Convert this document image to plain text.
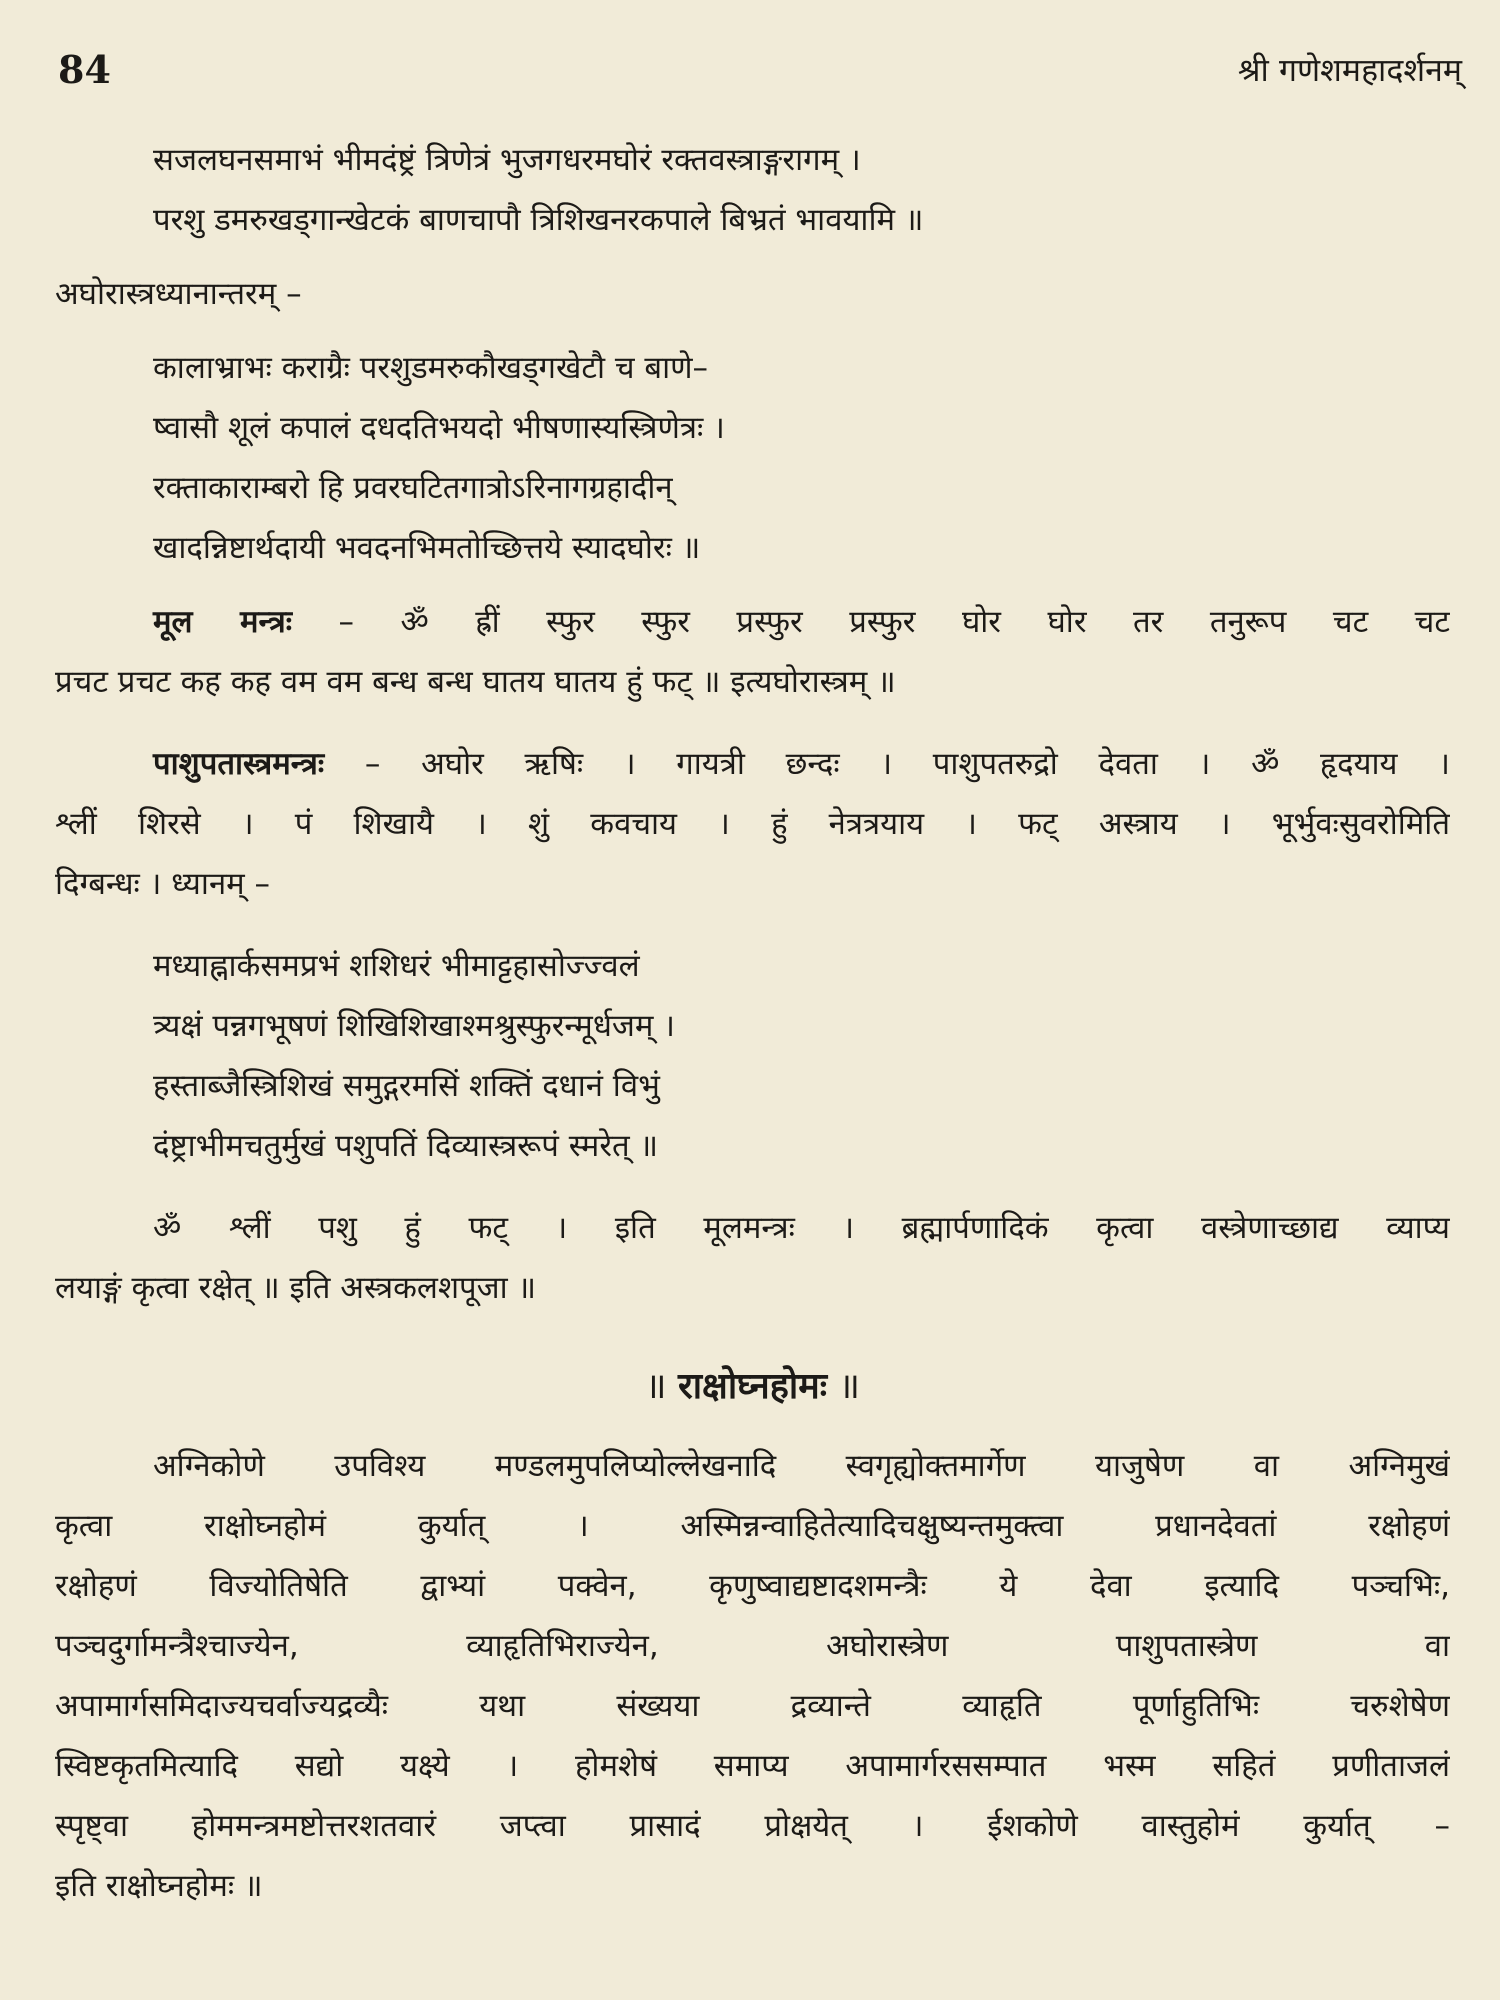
84	श्री गणेशमहादर्शनम्
सजलघनसमाभं भीमदंष्ट्रं त्रिणेत्रं भुजगधरमघोरं रक्तवस्त्राङ्गरागम् ।
परशु डमरुखड्गान्खेटकं बाणचापौ त्रिशिखनरकपाले बिभ्रतं भावयामि ॥
अघोरास्त्रध्यानान्तरम् –
कालाभ्राभः कराग्रैः परशुडमरुकौखड्गखेटौ च बाणे–
ष्वासौ शूलं कपालं दधदतिभयदो भीषणास्यस्त्रिणेत्रः ।
रक्ताकाराम्बरो हि प्रवरघटितगात्रोऽरिनागग्रहादीन्
खादन्निष्टार्थदायी भवदनभिमतोच्छित्तये स्यादघोरः ॥
मूल मन्त्रः – ॐ ह्रीं स्फुर स्फुर प्रस्फुर प्रस्फुर घोर घोर तर तनुरूप चट चट
प्रचट प्रचट कह कह वम वम बन्ध बन्ध घातय घातय हुं फट् ॥ इत्यघोरास्त्रम् ॥
पाशुपतास्त्रमन्त्रः – अघोर ऋषिः । गायत्री छन्दः । पाशुपतरुद्रो देवता । ॐ हृदयाय ।
श्लीं शिरसे । पं शिखायै । शुं कवचाय । हुं नेत्रत्रयाय । फट् अस्त्राय । भूर्भुवःसुवरोमिति
दिग्बन्धः । ध्यानम् –
मध्याह्नार्कसमप्रभं शशिधरं भीमाट्टहासोज्ज्वलं
त्र्यक्षं पन्नगभूषणं शिखिशिखाश्मश्रुस्फुरन्मूर्धजम् ।
हस्ताब्जैस्त्रिशिखं समुद्गरमसिं शक्तिं दधानं विभुं
दंष्ट्राभीमचतुर्मुखं पशुपतिं दिव्यास्त्ररूपं स्मरेत् ॥
ॐ श्लीं पशु हुं फट् । इति मूलमन्त्रः । ब्रह्मार्पणादिकं कृत्वा वस्त्रेणाच्छाद्य व्याप्य
लयाङ्गं कृत्वा रक्षेत् ॥ इति अस्त्रकलशपूजा ॥
॥ राक्षोघ्नहोमः ॥
अग्निकोणे उपविश्य मण्डलमुपलिप्योल्लेखनादि स्वगृह्योक्तमार्गेण याजुषेण वा अग्निमुखं
कृत्वा राक्षोघ्नहोमं कुर्यात् । अस्मिन्नन्वाहितेत्यादिचक्षुष्यन्तमुक्त्वा प्रधानदेवतां रक्षोहणं
रक्षोहणं विज्योतिषेति द्वाभ्यां पक्वेन, कृणुष्वाद्यष्टादशमन्त्रैः ये देवा इत्यादि पञ्चभिः,
पञ्चदुर्गामन्त्रैश्चाज्येन, व्याहृतिभिराज्येन, अघोरास्त्रेण पाशुपतास्त्रेण वा
अपामार्गसमिदाज्यचर्वाज्यद्रव्यैः यथा संख्यया द्रव्यान्ते व्याहृति पूर्णाहुतिभिः चरुशेषेण
स्विष्टकृतमित्यादि सद्यो यक्ष्ये । होमशेषं समाप्य अपामार्गरससम्पात भस्म सहितं प्रणीताजलं
स्पृष्ट्वा होममन्त्रमष्टोत्तरशतवारं जप्त्वा प्रासादं प्रोक्षयेत् । ईशकोणे वास्तुहोमं कुर्यात् –
इति राक्षोघ्नहोमः ॥
